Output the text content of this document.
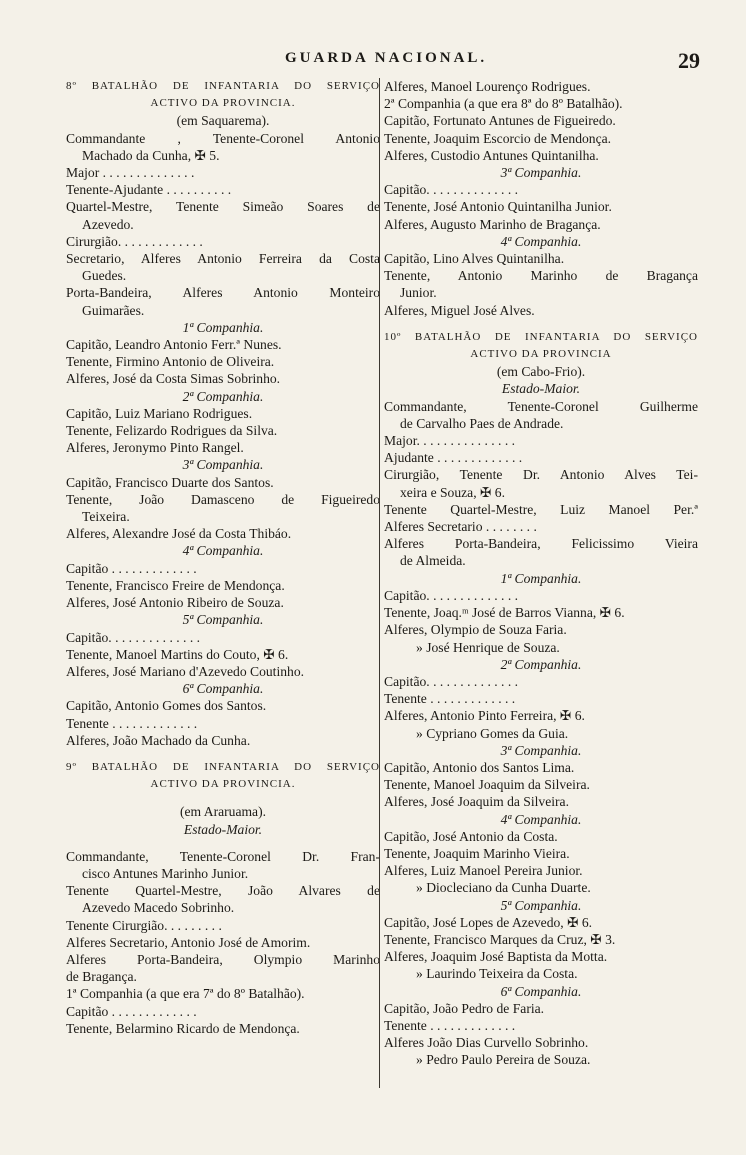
GUARDA NACIONAL.	29
8º BATALHÃO DE INFANTARIA DO SERVIÇO
ACTIVO DA PROVINCIA.
(em Saquarema).
Commandante , Tenente-Coronel Antonio
Machado da Cunha, ✠ 5.
Major . . . . . . . . . . . . . .
Tenente-Ajudante . . . . . . . . . .
Quartel-Mestre, Tenente Simeão Soares de
Azevedo.
Cirurgião. . . . . . . . . . . . .
Secretario, Alferes Antonio Ferreira da Costa
Guedes.
Porta-Bandeira, Alferes Antonio Monteiro
Guimarães.
1ª Companhia.
Capitão, Leandro Antonio Ferr.ª Nunes.
Tenente, Firmino Antonio de Oliveira.
Alferes, José da Costa Simas Sobrinho.
2ª Companhia.
Capitão, Luiz Mariano Rodrigues.
Tenente, Felizardo Rodrigues da Silva.
Alferes, Jeronymo Pinto Rangel.
3ª Companhia.
Capitão, Francisco Duarte dos Santos.
Tenente, João Damasceno de Figueiredo
Teixeira.
Alferes, Alexandre José da Costa Thibáo.
4ª Companhia.
Capitão . . . . . . . . . . . . .
Tenente, Francisco Freire de Mendonça.
Alferes, José Antonio Ribeiro de Souza.
5ª Companhia.
Capitão. . . . . . . . . . . . . .
Tenente, Manoel Martins do Couto, ✠ 6.
Alferes, José Mariano d'Azevedo Coutinho.
6ª Companhia.
Capitão, Antonio Gomes dos Santos.
Tenente . . . . . . . . . . . . .
Alferes, João Machado da Cunha.
9º BATALHÃO DE INFANTARIA DO SERVIÇO
ACTIVO DA PROVINCIA.
(em Araruama).
Estado-Maior.
Commandante, Tenente-Coronel Dr. Fran-
cisco Antunes Marinho Junior.
Tenente Quartel-Mestre, João Alvares de
Azevedo Macedo Sobrinho.
Tenente Cirurgião. . . . . . . . .
Alferes Secretario, Antonio José de Amorim.
Alferes Porta-Bandeira, Olympio Marinho
de Bragança.
1ª Companhia (a que era 7ª do 8º Batalhão).
Capitão . . . . . . . . . . . . .
Tenente, Belarmino Ricardo de Mendonça.
Alferes, Manoel Lourenço Rodrigues.
2ª Companhia (a que era 8ª do 8º Batalhão).
Capitão, Fortunato Antunes de Figueiredo.
Tenente, Joaquim Escorcio de Mendonça.
Alferes, Custodio Antunes Quintanilha.
3ª Companhia.
Capitão. . . . . . . . . . . . . .
Tenente, José Antonio Quintanilha Junior.
Alferes, Augusto Marinho de Bragança.
4ª Companhia.
Capitão, Lino Alves Quintanilha.
Tenente, Antonio Marinho de Bragança
Junior.
Alferes, Miguel José Alves.
10º BATALHÃO DE INFANTARIA DO SERVIÇO
ACTIVO DA PROVINCIA
(em Cabo-Frio).
Estado-Maior.
Commandante, Tenente-Coronel Guilherme
de Carvalho Paes de Andrade.
Major. . . . . . . . . . . . . . .
Ajudante . . . . . . . . . . . . .
Cirurgião, Tenente Dr. Antonio Alves Tei-
xeira e Souza, ✠ 6.
Tenente Quartel-Mestre, Luiz Manoel Per.ª
Alferes Secretario . . . . . . . .
Alferes Porta-Bandeira, Felicissimo Vieira
de Almeida.
1ª Companhia.
Capitão. . . . . . . . . . . . . .
Tenente, Joaq.ᵐ José de Barros Vianna, ✠ 6.
Alferes, Olympio de Souza Faria.
» José Henrique de Souza.
2ª Companhia.
Capitão. . . . . . . . . . . . . .
Tenente . . . . . . . . . . . . .
Alferes, Antonio Pinto Ferreira, ✠ 6.
» Cypriano Gomes da Guia.
3ª Companhia.
Capitão, Antonio dos Santos Lima.
Tenente, Manoel Joaquim da Silveira.
Alferes, José Joaquim da Silveira.
4ª Companhia.
Capitão, José Antonio da Costa.
Tenente, Joaquim Marinho Vieira.
Alferes, Luiz Manoel Pereira Junior.
» Diocleciano da Cunha Duarte.
5ª Companhia.
Capitão, José Lopes de Azevedo, ✠ 6.
Tenente, Francisco Marques da Cruz, ✠ 3.
Alferes, Joaquim José Baptista da Motta.
» Laurindo Teixeira da Costa.
6ª Companhia.
Capitão, João Pedro de Faria.
Tenente . . . . . . . . . . . . .
Alferes João Dias Curvello Sobrinho.
» Pedro Paulo Pereira de Souza.
